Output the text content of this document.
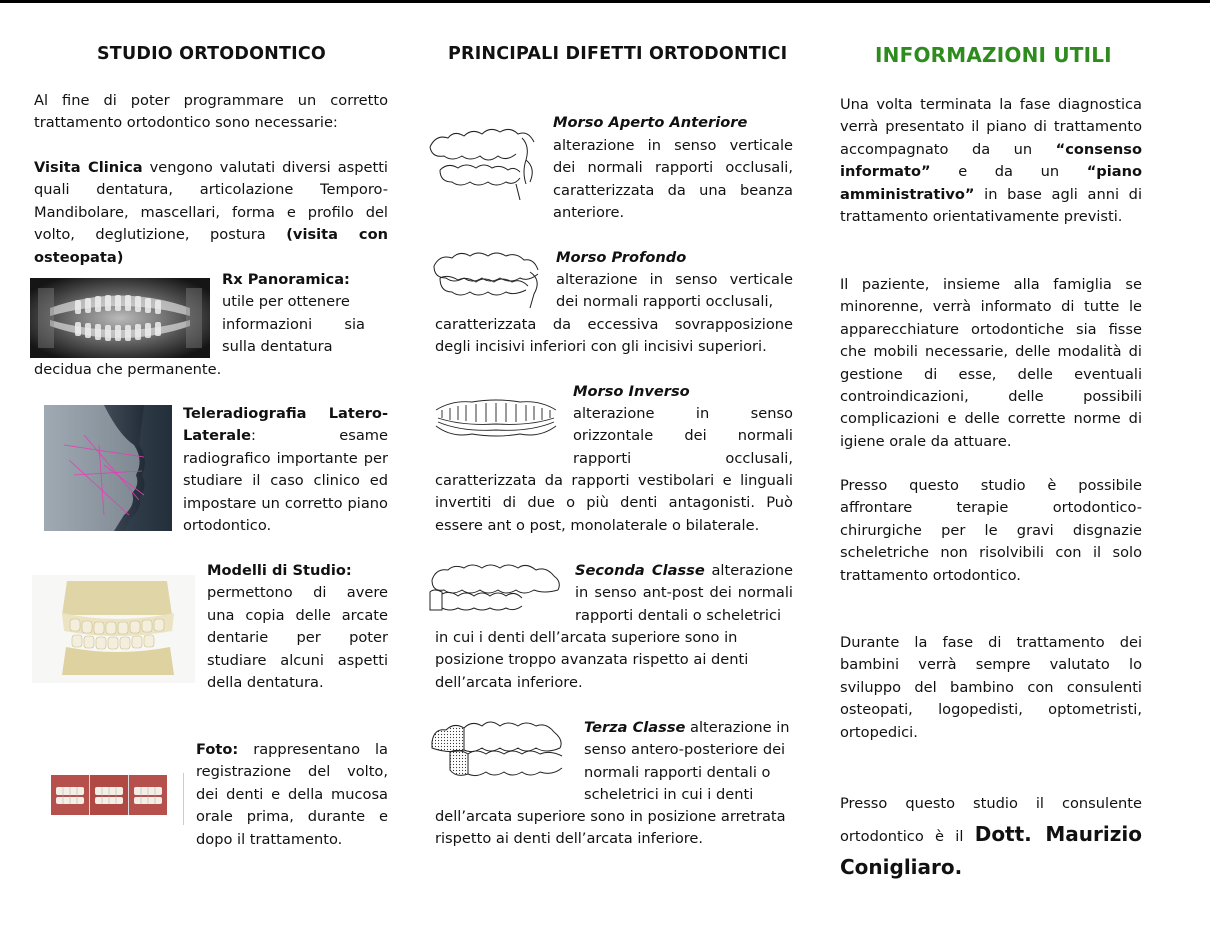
STUDIO ORTODONTICO

Al fine di poter programmare un corretto trattamento ortodontico sono necessarie:

Visita Clinica vengono valutati diversi aspetti quali dentatura, articolazione Temporo-Mandibolare, mascellari, forma e profilo del volto, deglutizione, postura (visita con osteopata)

Rx Panoramica:

utile per ottenere

informazioni sia

sulla dentatura

decidua che permanente.

Teleradiografia Latero-Laterale: esame radiografico importante per studiare il caso clinico ed impostare un corretto piano ortodontico.

Modelli di Studio:
permettono di avere una copia delle arcate dentarie per poter studiare alcuni aspetti della dentatura.

Foto: rappresentano la registrazione del volto, dei denti e della mucosa orale prima, durante e dopo il trattamento.

PRINCIPALI DIFETTI ORTODONTICI

Morso Aperto Anteriore

alterazione in senso verticale dei normali rapporti occlusali, caratterizzata da una beanza anteriore.

Morso Profondo

alterazione in senso verticale dei normali rapporti occlusali,

caratterizzata da eccessiva sovrapposizione degli incisivi inferiori con gli incisivi superiori.

Morso Inverso

alterazione in senso orizzontale dei normali rapporti occlusali,

caratterizzata da rapporti vestibolari e linguali invertiti di due o più denti antagonisti. Può essere ant o post, monolaterale o bilaterale.

Seconda Classe alterazione in senso ant-post dei normali rapporti dentali o scheletrici

in cui i denti dell’arcata superiore sono in posizione troppo avanzata rispetto ai denti dell’arcata inferiore.

Terza Classe alterazione in senso antero-posteriore dei normali rapporti dentali o scheletrici in cui i denti

dell’arcata superiore sono in posizione arretrata rispetto ai denti dell’arcata inferiore.

INFORMAZIONI UTILI

Una volta terminata la fase diagnostica verrà presentato il piano di trattamento accompagnato da un “consenso informato” e da un “piano amministrativo” in base agli anni di trattamento orientativamente previsti.

Il paziente, insieme alla famiglia se minorenne, verrà informato di tutte le apparecchiature ortodontiche sia fisse che mobili necessarie, delle modalità di gestione di esse, delle eventuali controindicazioni, delle possibili complicazioni e delle corrette norme di igiene orale da attuare.

Presso questo studio è possibile affrontare terapie ortodontico-chirurgiche per le gravi disgnazie scheletriche non risolvibili con il solo trattamento ortodontico.

Durante la fase di trattamento dei bambini verrà sempre valutato lo sviluppo del bambino con consulenti osteopati, logopedisti, optometristi, ortopedici.

Presso questo studio il consulente ortodontico è il Dott. Maurizio Conigliaro.
